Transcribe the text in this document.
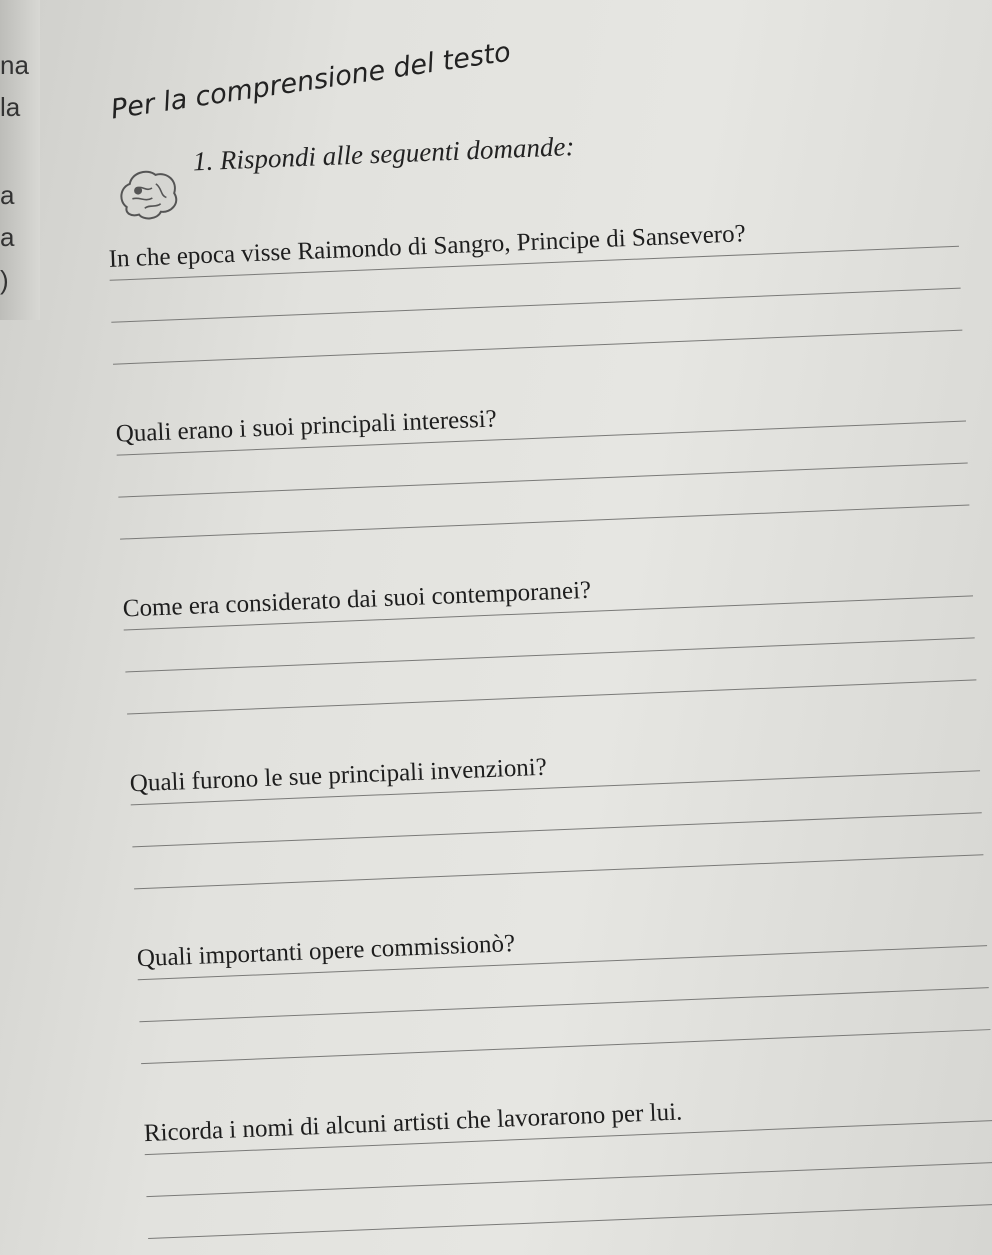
na
la
a
a
)
Per la comprensione del testo

1. Rispondi alle seguenti domande:

In che epoca visse Raimondo di Sangro, Principe di Sansevero?
Quali erano i suoi principali interessi?
Come era considerato dai suoi contemporanei?
Quali furono le sue principali invenzioni?
Quali importanti opere commissionò?
Ricorda i nomi di alcuni artisti che lavorarono per lui.
